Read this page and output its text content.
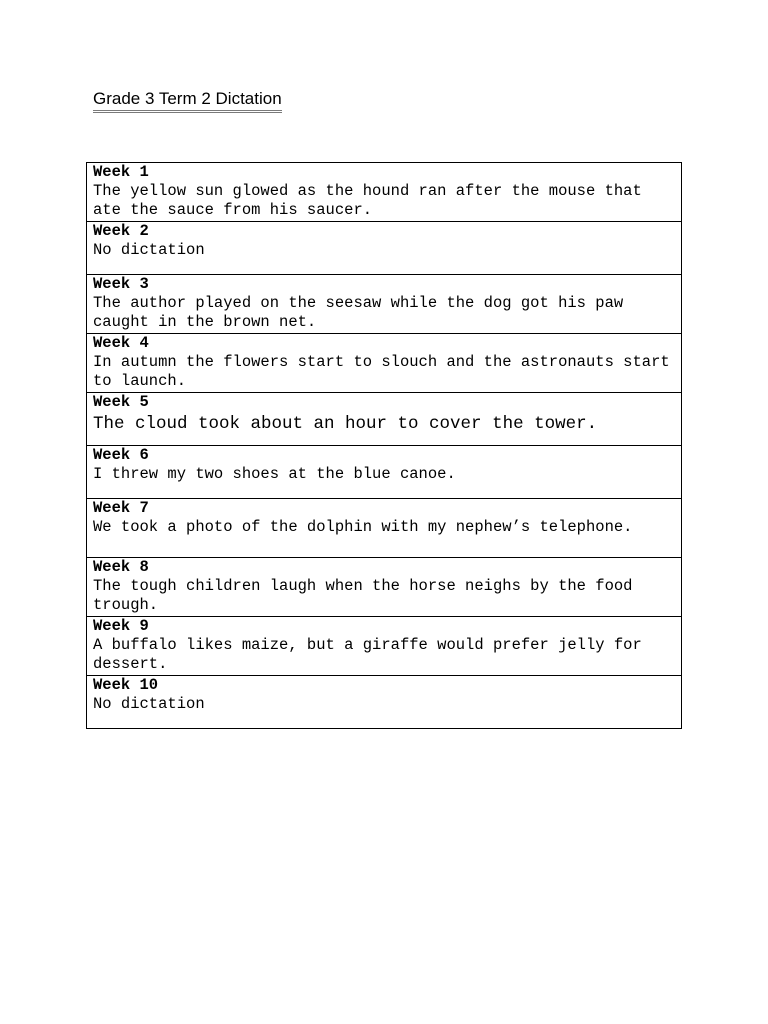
Grade 3 Term 2 Dictation
Week 1
The yellow sun glowed as the hound ran after the mouse that ate the sauce from his saucer.

Week 2
No dictation

Week 3
The author played on the seesaw while the dog got his paw caught in the brown net.

Week 4
In autumn the flowers start to slouch and the astronauts start to launch.

Week 5
The cloud took about an hour to cover the tower.

Week 6
I threw my two shoes at the blue canoe.

Week 7
We took a photo of the dolphin with my nephew’s telephone.

Week 8
The tough children laugh when the horse neighs by the food trough.

Week 9
A buffalo likes maize, but a giraffe would prefer jelly for dessert.

Week 10
No dictation
